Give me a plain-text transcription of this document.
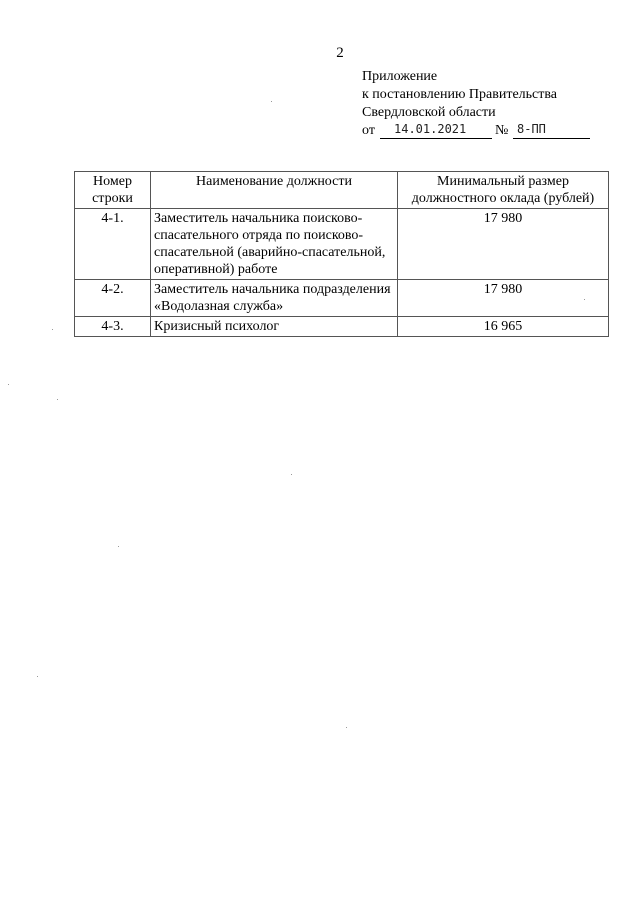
2
Приложение
к постановлению Правительства
Свердловской области
от	14.01.2021	№ 8-ПП
Номер строки	Наименование должности	Минимальный размер должностного оклада (рублей)
4-1.	Заместитель начальника поисково-спасательного отряда по поисково-спасательной (аварийно-спасательной, оперативной) работе	17 980
4-2.	Заместитель начальника подразделения «Водолазная служба»	17 980
4-3.	Кризисный психолог	16 965
